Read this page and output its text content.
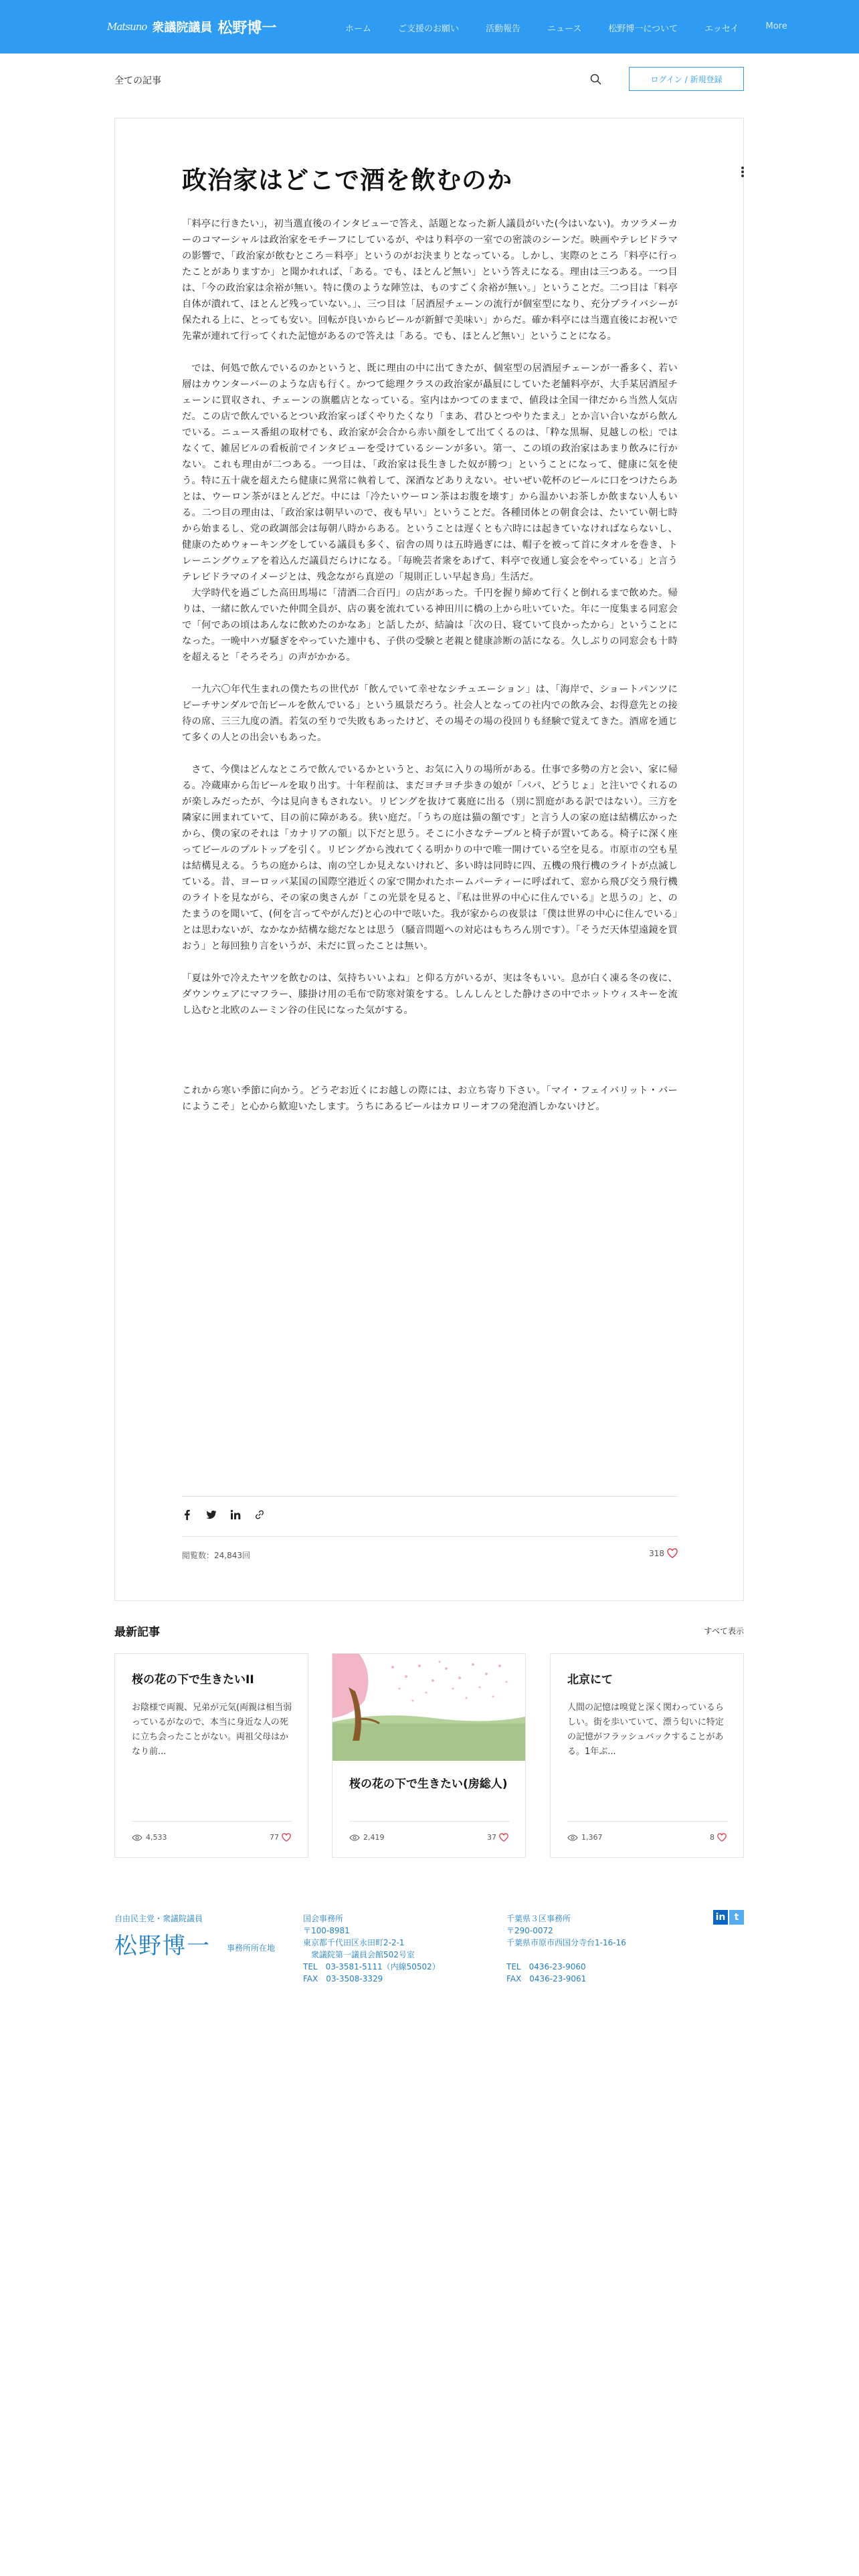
Matsuno 衆議院議員 松野博一	ホーム	ご支援のお願い	活動報告	ニュース	松野博一について	エッセイ	More
全ての記事	ログイン / 新規登録
政治家はどこで酒を飲むのか

「料亭に行きたい」，初当選直後のインタビューで答え、話題となった新人議員がいた(今はいない)。カツラメーカーのコマーシャルは政治家をモチーフにしているが、やはり料亭の一室での密談のシーンだ。映画やテレビドラマの影響で、「政治家が飲むところ＝料亭」というのがお決まりとなっている。しかし、実際のところ「料亭に行ったことがありますか」と聞かれれば、「ある。でも、ほとんど無い」という答えになる。理由は三つある。一つ目は、「今の政治家は余裕が無い。特に僕のような陣笠は、ものすごく余裕が無い。」ということだ。二つ目は「料亭自体が潰れて、ほとんど残っていない。」、三つ目は「居酒屋チェーンの流行が個室型になり、充分プライバシーが保たれる上に、とっても安い。回転が良いからビールが新鮮で美味い」からだ。確か料亭には当選直後にお祝いで先輩が連れて行ってくれた記憶があるので答えは「ある。でも、ほとんど無い」ということになる。

では、何処で飲んでいるのかというと、既に理由の中に出てきたが、個室型の居酒屋チェーンが一番多く、若い層はカウンターバーのような店も行く。かつて総理クラスの政治家が贔屓にしていた老舗料亭が、大手某居酒屋チェーンに買収され、チェーンの旗艦店となっている。室内はかつてのままで、値段は全国一律だから当然人気店だ。この店で飲んでいるとつい政治家っぽくやりたくなり「まあ、君ひとつやりたまえ」とか言い合いながら飲んでいる。ニュース番組の取材でも、政治家が会合から赤い顔をして出てくるのは、「粋な黒塀、見越しの松」ではなくて、雑居ビルの看板前でインタビューを受けているシーンが多い。第一、この頃の政治家はあまり飲みに行かない。これも理由が二つある。一つ目は、「政治家は長生きした奴が勝つ」ということになって、健康に気を使う。特に五十歳を超えたら健康に異常に執着して、深酒などありえない。せいぜい乾杯のビールに口をつけたらあとは、ウーロン茶がほとんどだ。中には「冷たいウーロン茶はお腹を壊す」から温かいお茶しか飲まない人もいる。二つ目の理由は、「政治家は朝早いので、夜も早い」ということだ。各種団体との朝食会は、たいてい朝七時から始まるし、党の政調部会は毎朝八時からある。ということは遅くとも六時には起きていなければならないし、健康のためウォーキングをしている議員も多く、宿舎の周りは五時過ぎには、帽子を被って首にタオルを巻き、トレーニングウェアを着込んだ議員だらけになる。「毎晩芸者衆をあげて、料亭で夜通し宴会をやっている」と言うテレビドラマのイメージとは、残念ながら真逆の「規則正しい早起き鳥」生活だ。

大学時代を過ごした高田馬場に「清酒二合百円」の店があった。千円を握り締めて行くと倒れるまで飲めた。帰りは、一緒に飲んでいた仲間全員が、店の裏を流れている神田川に橋の上から吐いていた。年に一度集まる同窓会で「何であの頃はあんなに飲めたのかなあ」と話したが、結論は「次の日、寝ていて良かったから」ということになった。一晩中ハガ騒ぎをやっていた連中も、子供の受験と老親と健康診断の話になる。久しぶりの同窓会も十時を超えると「そろそろ」の声がかかる。

一九六〇年代生まれの僕たちの世代が「飲んでいて幸せなシチュエーション」は、「海岸で、ショートパンツにビーチサンダルで缶ビールを飲んでいる」という風景だろう。社会人となっての社内での飲み会、お得意先との接待の席、三三九度の酒。若気の至りで失敗もあったけど、その場その場の役回りも経験で覚えてきた。酒席を通じて多くの人との出会いもあった。

さて、今僕はどんなところで飲んでいるかというと、お気に入りの場所がある。仕事で多勢の方と会い、家に帰る。冷蔵庫から缶ビールを取り出す。十年程前は、まだヨチヨチ歩きの娘が「パパ、どうじょ」と注いでくれるのが楽しみだったが、今は見向きもされない。リビングを抜けて裏庭に出る（別に罰庭がある訳ではない）。三方を隣家に囲まれていて、目の前に障がある。狭い庭だ。「うちの庭は猫の額です」と言う人の家の庭は結構広かったから、僕の家のそれは「カナリアの額」以下だと思う。そこに小さなテーブルと椅子が置いてある。椅子に深く座ってビールのプルトップを引く。リビングから洩れてくる明かりの中で唯一開けている空を見る。市原市の空も星は結構見える。うちの庭からは、南の空しか見えないけれど、多い時は同時に四、五機の飛行機のライトが点滅している。昔、ヨーロッパ某国の国際空港近くの家で開かれたホームパーティーに呼ばれて、窓から飛び交う飛行機のライトを見ながら、その家の奥さんが「この光景を見ると、『私は世界の中心に住んでいる』と思うの」と、のたまうのを聞いて、(何を言ってやがんだ)と心の中で呟いた。我が家からの夜景は「僕は世界の中心に住んでいる」とは思わないが、なかなか結構な総だなとは思う（騒音問題への対応はもちろん別です）。「そうだ天体望遠鏡を買おう」と毎回独り言をいうが、未だに買ったことは無い。

「夏は外で冷えたヤツを飲むのは、気持ちいいよね」と仰る方がいるが、実は冬もいい。息が白く凍る冬の夜に、ダウンウェアにマフラー、膝掛け用の毛布で防寒対策をする。しんしんとした静けさの中でホットウィスキーを流し込むと北欧のムーミン谷の住民になった気がする。

これから寒い季節に向かう。どうぞお近くにお越しの際には、お立ち寄り下さい。「マイ・フェイバリット・バーにようこそ」と心から歓迎いたします。うちにあるビールはカロリーオフの発泡酒しかないけど。

閲覧数：24,843回	318
最新記事	すべて表示
桜の花の下で生きたいII
お陰様で両親、兄弟が元気(両親は相当弱っているがなので、本当に身近な人の死に立ち会ったことがない。両祖父母はかなり前...
4,533	77
桜の花の下で生きたい(房総人)
2,419	37
北京にて
人間の記憶は嗅覚と深く関わっているらしい。街を歩いていて、漂う匂いに特定の記憶がフラッシュバックすることがある。1年ぶ...
1,367	8
自由民主党・衆議院議員
松野博一 事務所所在地
国会事務所
〒100-8981
東京都千代田区永田町2-2-1
　衆議院第一議員会館502号室
TEL　03-3581-5111（内線50502）
FAX　03-3508-3329
千葉県３区事務所
〒290-0072
千葉県市原市西国分寺台1-16-16
TEL　0436-23-9060
FAX　0436-23-9061
in t
